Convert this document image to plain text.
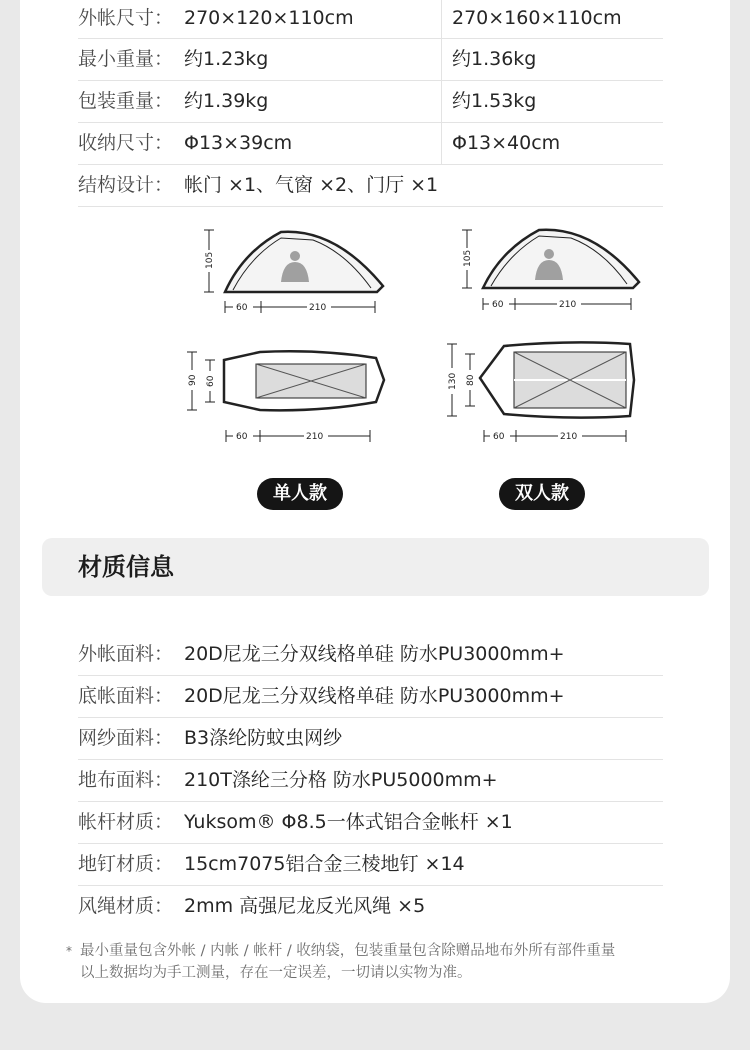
外帐尺寸： 270×120×110cm	270×160×110cm
最小重量： 约1.23kg	约1.36kg
包装重量： 约1.39kg	约1.53kg
收纳尺寸： Φ13×39cm	Φ13×40cm
结构设计： 帐门 ×1、气窗 ×2、门厅 ×1
105
60	210
105
60	210
90 60
60	210
130 80
60	210
单人款	双人款
材质信息
外帐面料： 20D尼龙三分双线格单硅 防水PU3000mm+
底帐面料： 20D尼龙三分双线格单硅 防水PU3000mm+
网纱面料： B3涤纶防蚊虫网纱
地布面料： 210T涤纶三分格 防水PU5000mm+
帐杆材质： Yuksom® Φ8.5一体式铝合金帐杆 ×1
地钉材质： 15cm7075铝合金三棱地钉 ×14
风绳材质： 2mm 高强尼龙反光风绳 ×5
* 最小重量包含外帐 / 内帐 / 帐杆 / 收纳袋，包装重量包含除赠品地布外所有部件重量
以上数据均为手工测量，存在一定误差，一切请以实物为准。
